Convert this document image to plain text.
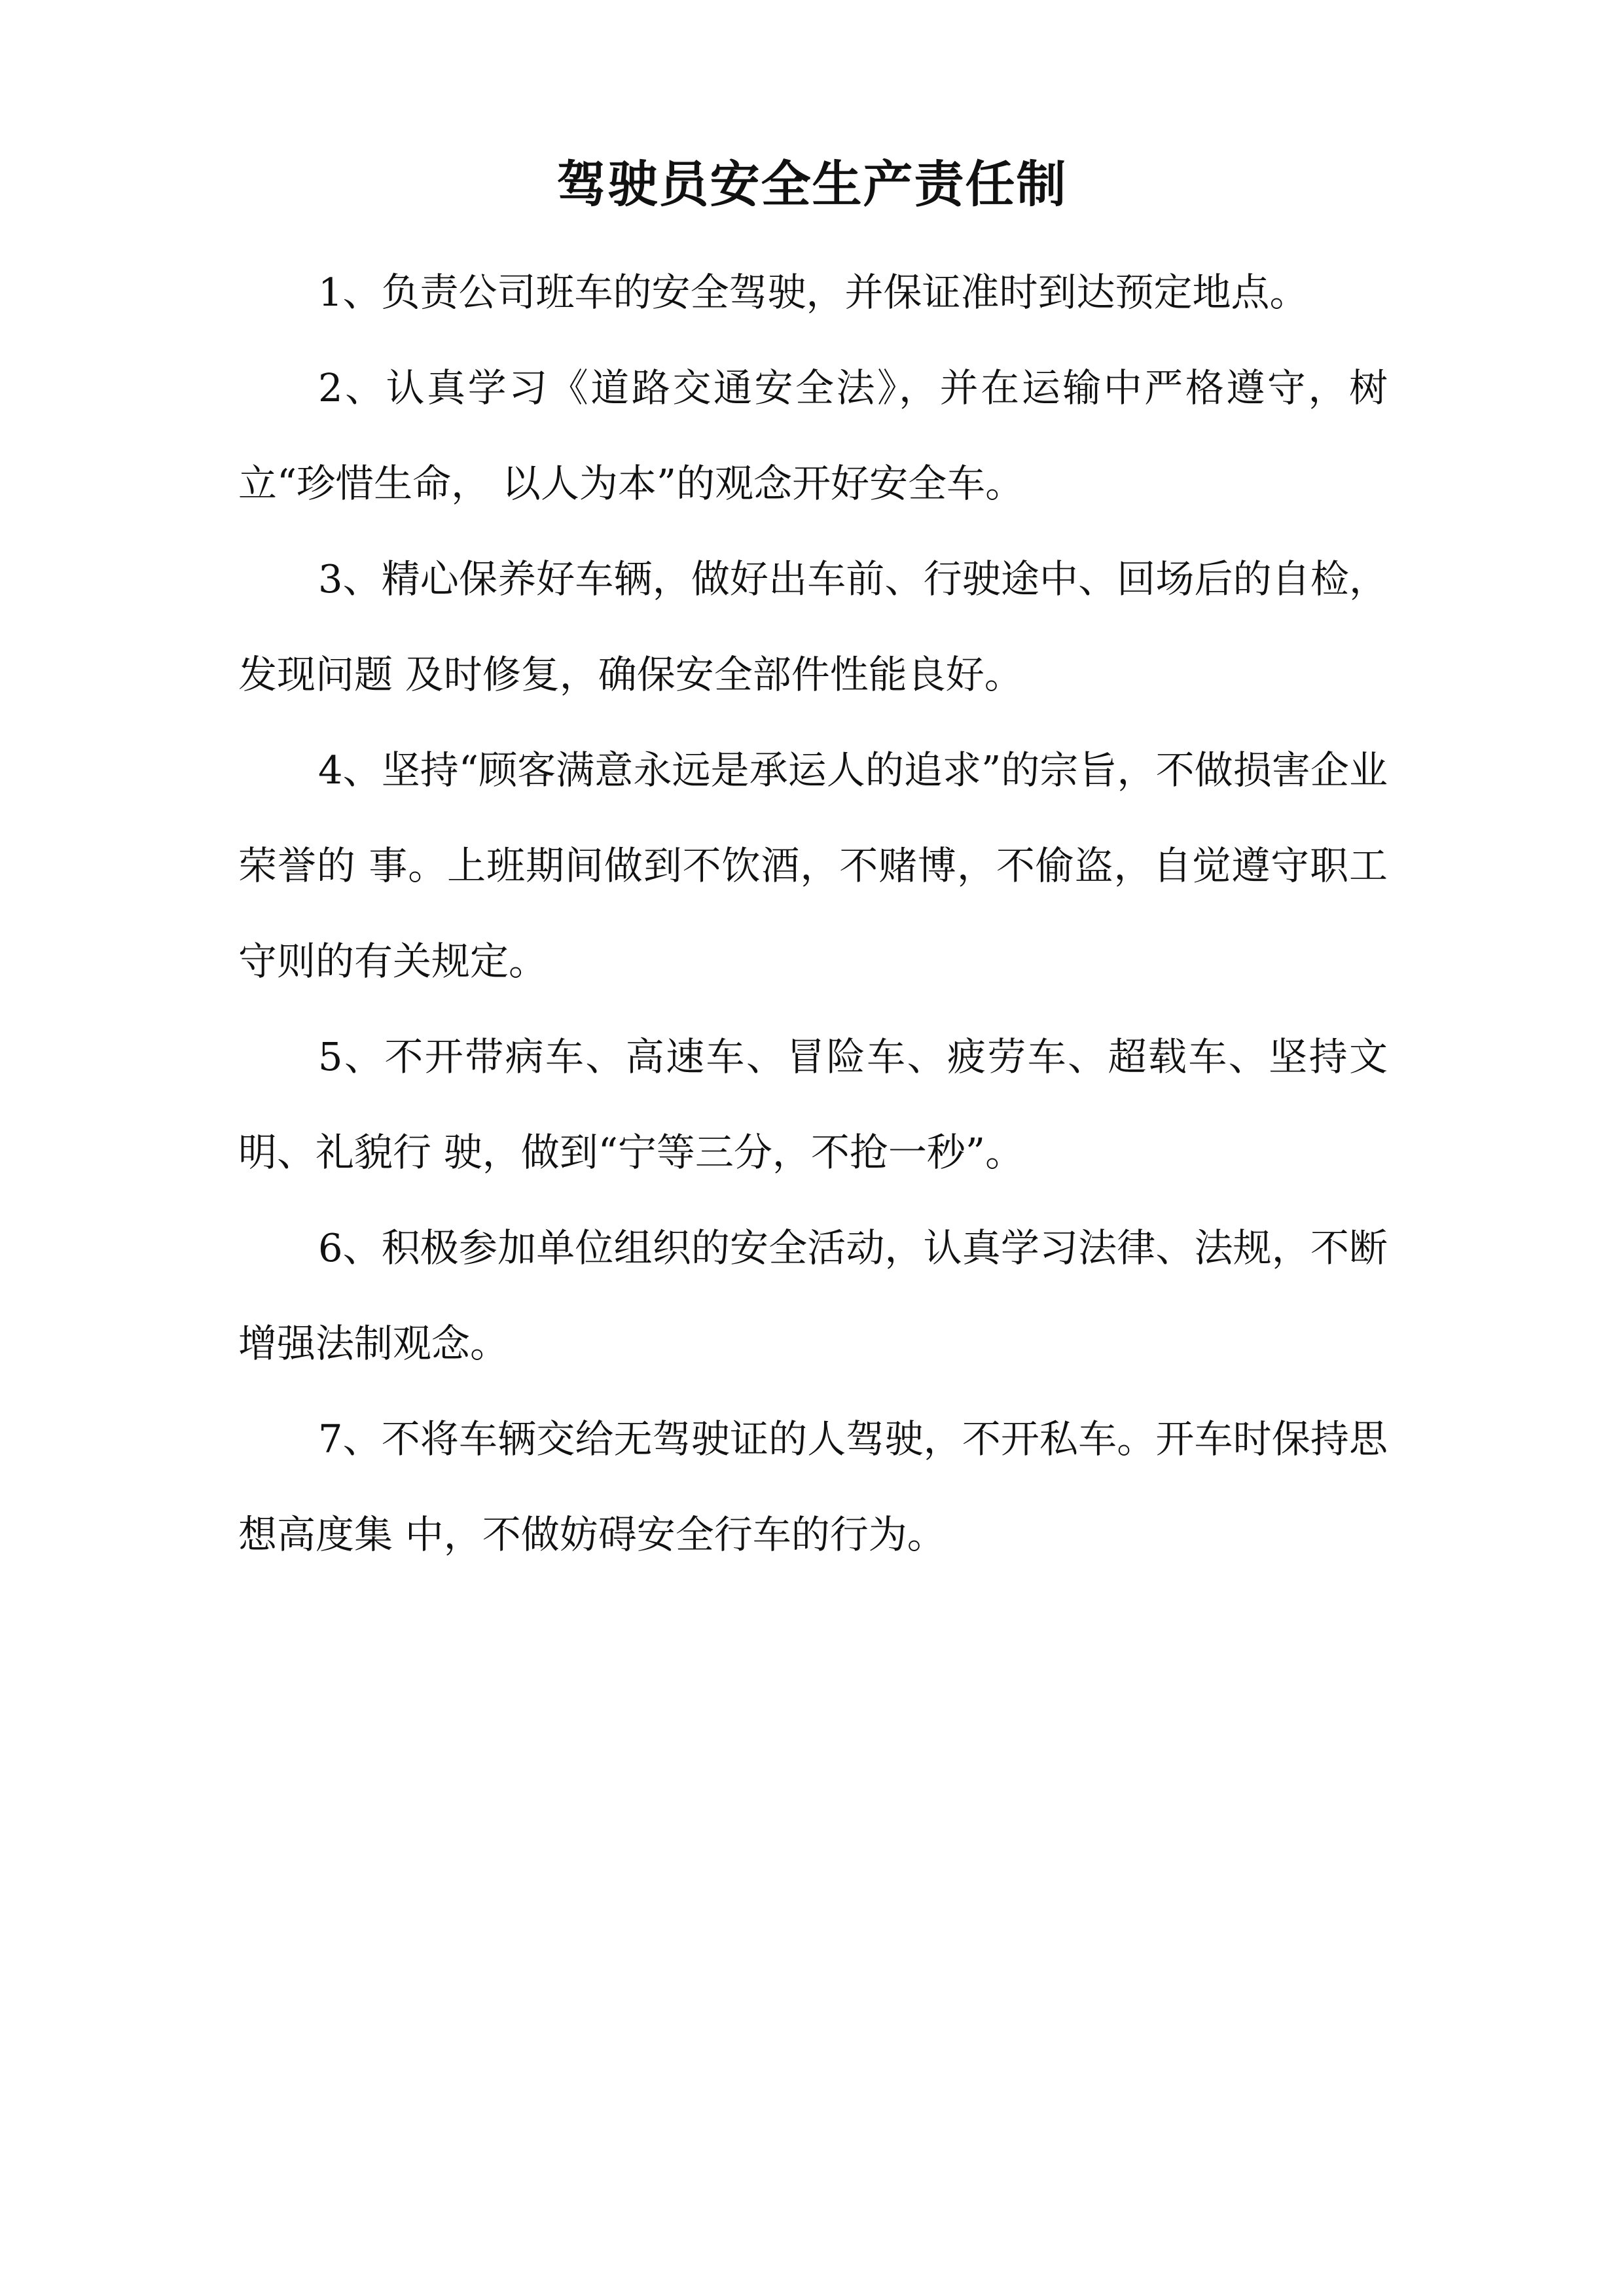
驾驶员安全生产责任制

1、负责公司班车的安全驾驶，并保证准时到达预定地点。

2、认真学习《道路交通安全法》，并在运输中严格遵守，树立“珍惜生命， 以人为本”的观念开好安全车。

3、精心保养好车辆，做好出车前、行驶途中、回场后的自检，发现问题 及时修复，确保安全部件性能良好。

4、坚持“顾客满意永远是承运人的追求”的宗旨，不做损害企业荣誉的 事。上班期间做到不饮酒，不赌博，不偷盗，自觉遵守职工守则的有关规定。

5、不开带病车、高速车、冒险车、疲劳车、超载车、坚持文明、礼貌行 驶，做到“宁等三分，不抢一秒”。

6、积极参加单位组织的安全活动，认真学习法律、法规，不断增强法制观念。

7、不将车辆交给无驾驶证的人驾驶，不开私车。开车时保持思想高度集 中，不做妨碍安全行车的行为。
